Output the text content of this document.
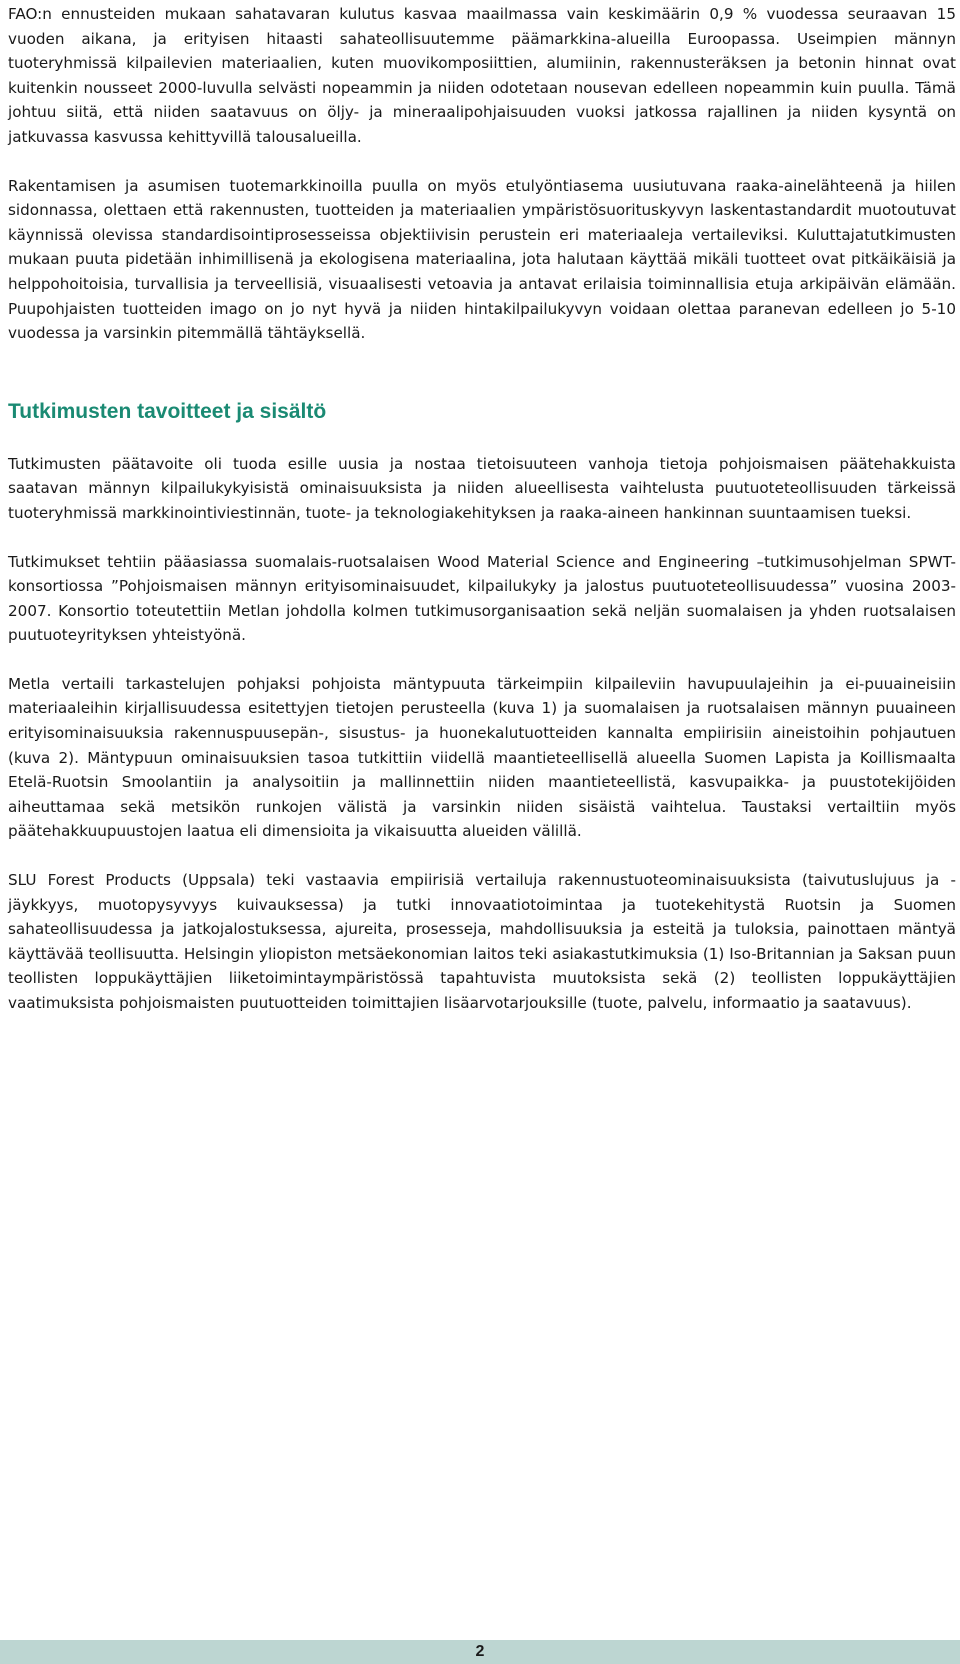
FAO:n ennusteiden mukaan sahatavaran kulutus kasvaa maailmassa vain keskimäärin 0,9 % vuodessa seuraavan 15 vuoden aikana, ja erityisen hitaasti sahateollisuutemme päämarkkina-alueilla Euroopassa. Useimpien männyn tuoteryhmissä kilpailevien materiaalien, kuten muovikomposiittien, alumiinin, rakennusteräksen ja betonin hinnat ovat kuitenkin nousseet 2000-luvulla selvästi nopeammin ja niiden odotetaan nousevan edelleen nopeammin kuin puulla. Tämä johtuu siitä, että niiden saatavuus on öljy- ja mineraalipohjaisuuden vuoksi jatkossa rajallinen ja niiden kysyntä on jatkuvassa kasvussa kehittyvillä talousalueilla.

Rakentamisen ja asumisen tuotemarkkinoilla puulla on myös etulyöntiasema uusiutuvana raaka-ainelähteenä ja hiilen sidonnassa, olettaen että rakennusten, tuotteiden ja materiaalien ympäristösuorituskyvyn laskentastandardit muotoutuvat käynnissä olevissa standardisointiprosesseissa objektiivisin perustein eri materiaaleja vertaileviksi. Kuluttajatutkimusten mukaan puuta pidetään inhimillisenä ja ekologisena materiaalina, jota halutaan käyttää mikäli tuotteet ovat pitkäikäisiä ja helppohoitoisia, turvallisia ja terveellisiä, visuaalisesti vetoavia ja antavat erilaisia toiminnallisia etuja arkipäivän elämään. Puupohjaisten tuotteiden imago on jo nyt hyvä ja niiden hintakilpailukyvyn voidaan olettaa paranevan edelleen jo 5-10 vuodessa ja varsinkin pitemmällä tähtäyksellä.

Tutkimusten tavoitteet ja sisältö

Tutkimusten päätavoite oli tuoda esille uusia ja nostaa tietoisuuteen vanhoja tietoja pohjoismaisen päätehakkuista saatavan männyn kilpailukykyisistä ominaisuuksista ja niiden alueellisesta vaihtelusta puutuoteteollisuuden tärkeissä tuoteryhmissä markkinointiviestinnän, tuote- ja teknologiakehityksen ja raaka-aineen hankinnan suuntaamisen tueksi.

Tutkimukset tehtiin pääasiassa suomalais-ruotsalaisen Wood Material Science and Engineering –tutkimusohjelman SPWT-konsortiossa ”Pohjoismaisen männyn erityisominaisuudet, kilpailukyky ja jalostus puutuoteteollisuudessa” vuosina 2003-2007. Konsortio toteutettiin Metlan johdolla kolmen tutkimusorganisaation sekä neljän suomalaisen ja yhden ruotsalaisen puutuoteyrityksen yhteistyönä.

Metla vertaili tarkastelujen pohjaksi pohjoista mäntypuuta tärkeimpiin kilpaileviin havupuulajeihin ja ei-puuaineisiin materiaaleihin kirjallisuudessa esitettyjen tietojen perusteella (kuva 1) ja suomalaisen ja ruotsalaisen männyn puuaineen erityisominaisuuksia rakennuspuusepän-, sisustus- ja huonekalutuotteiden kannalta empiirisiin aineistoihin pohjautuen (kuva 2). Mäntypuun ominaisuuksien tasoa tutkittiin viidellä maantieteellisellä alueella Suomen Lapista ja Koillismaalta Etelä-Ruotsin Smoolantiin ja analysoitiin ja mallinnettiin niiden maantieteellistä, kasvupaikka- ja puustotekijöiden aiheuttamaa sekä metsikön runkojen välistä ja varsinkin niiden sisäistä vaihtelua. Taustaksi vertailtiin myös päätehakkuupuustojen laatua eli dimensioita ja vikaisuutta alueiden välillä.

SLU Forest Products (Uppsala) teki vastaavia empiirisiä vertailuja rakennustuoteominaisuuksista (taivutuslujuus ja -jäykkyys, muotopysyvyys kuivauksessa) ja tutki innovaatiotoimintaa ja tuotekehitystä Ruotsin ja Suomen sahateollisuudessa ja jatkojalostuksessa, ajureita, prosesseja, mahdollisuuksia ja esteitä ja tuloksia, painottaen mäntyä käyttävää teollisuutta. Helsingin yliopiston metsäekonomian laitos teki asiakastutkimuksia (1) Iso-Britannian ja Saksan puun teollisten loppukäyttäjien liiketoimintaympäristössä tapahtuvista muutoksista sekä (2) teollisten loppukäyttäjien vaatimuksista pohjoismaisten puutuotteiden toimittajien lisäarvotarjouksille (tuote, palvelu, informaatio ja saatavuus).

2
